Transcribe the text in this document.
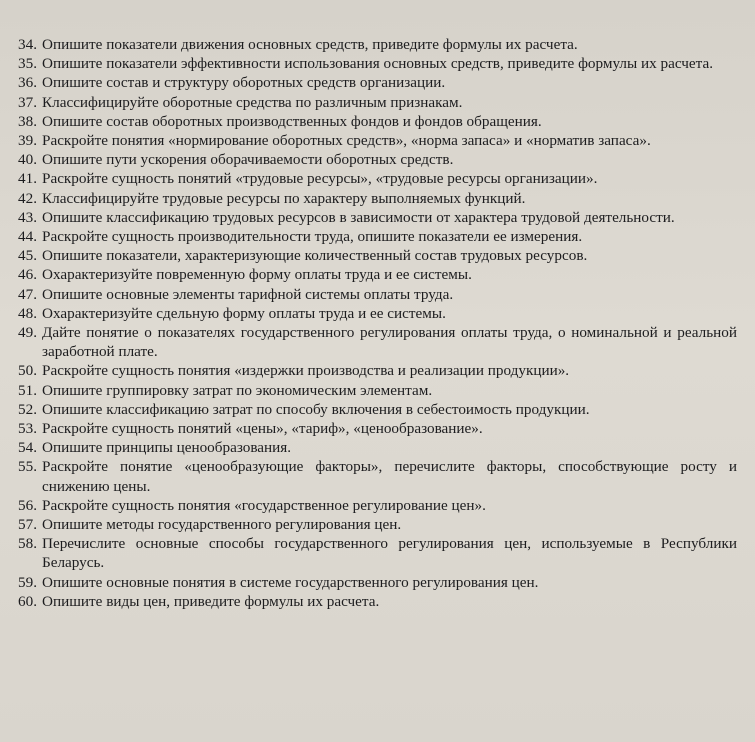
34. Опишите показатели движения основных средств, приведите формулы их расчета.
35. Опишите показатели эффективности использования основных средств, приведите формулы их расчета.
36. Опишите состав и структуру оборотных средств организации.
37. Классифицируйте оборотные средства по различным признакам.
38. Опишите состав оборотных производственных фондов и фондов обращения.
39. Раскройте понятия «нормирование оборотных средств», «норма запаса» и «норматив запаса».
40. Опишите пути ускорения оборачиваемости оборотных средств.
41. Раскройте сущность понятий «трудовые ресурсы», «трудовые ресурсы организации».
42. Классифицируйте трудовые ресурсы по характеру выполняемых функций.
43. Опишите классификацию трудовых ресурсов в зависимости от характера трудовой деятельности.
44. Раскройте сущность производительности труда, опишите показатели ее измерения.
45. Опишите показатели, характеризующие количественный состав трудовых ресурсов.
46. Охарактеризуйте повременную форму оплаты труда и ее системы.
47. Опишите основные элементы тарифной системы оплаты труда.
48. Охарактеризуйте сдельную форму оплаты труда и ее системы.
49. Дайте понятие о показателях государственного регулирования оплаты труда, о номинальной и реальной заработной плате.
50. Раскройте сущность понятия «издержки производства и реализации продукции».
51. Опишите группировку затрат по экономическим элементам.
52. Опишите классификацию затрат по способу включения в себестоимость продукции.
53. Раскройте сущность понятий «цены», «тариф», «ценообразование».
54. Опишите принципы ценообразования.
55. Раскройте понятие «ценообразующие факторы», перечислите факторы, способствующие росту и снижению цены.
56. Раскройте сущность понятия «государственное регулирование цен».
57. Опишите методы государственного регулирования цен.
58. Перечислите основные способы государственного регулирования цен, используемые в Республики Беларусь.
59. Опишите основные понятия в системе государственного регулирования цен.
60. Опишите виды цен, приведите формулы их расчета.
